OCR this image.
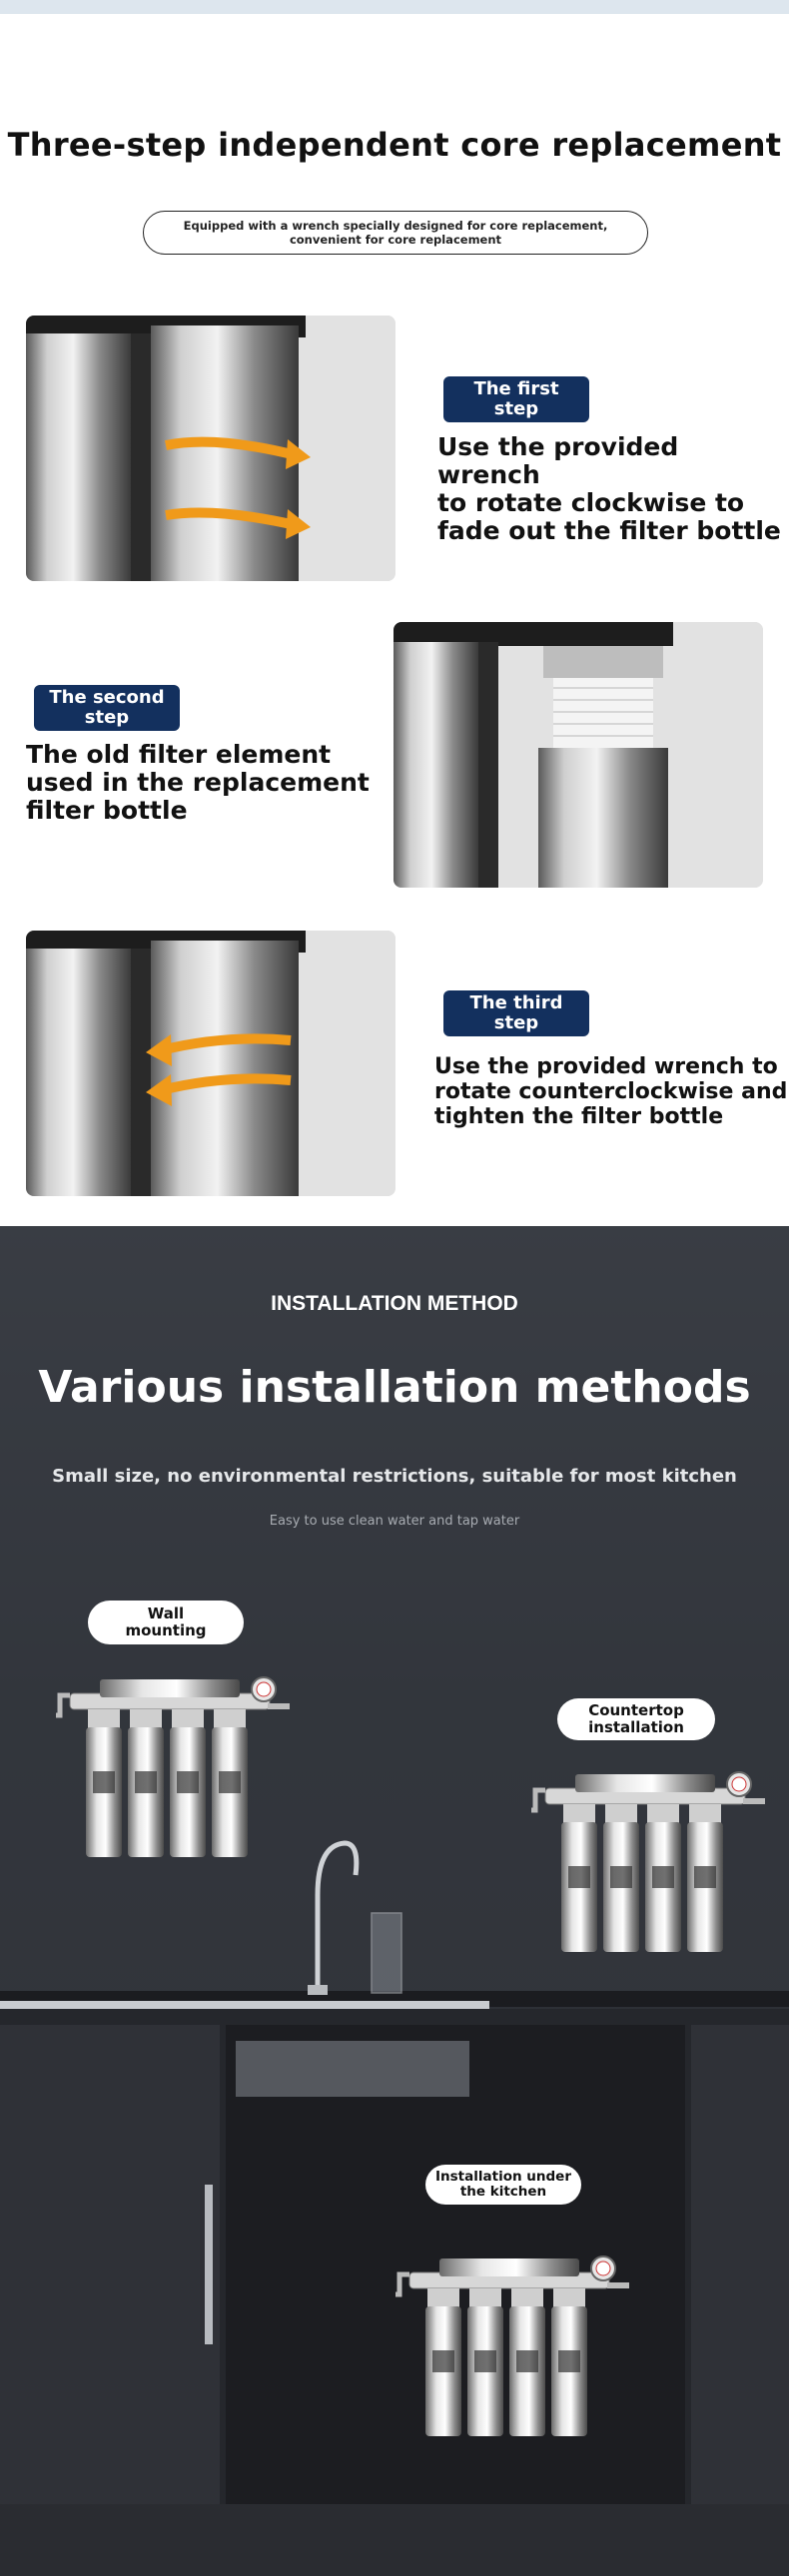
Three-step independent core replacement
Equipped with a wrench specially designed for core replacement,
convenient for core replacement
The first
step
Use the provided wrench
to rotate clockwise to
fade out the filter bottle
The second
step
The old filter element
used in the replacement
filter bottle
The third
step
Use the provided wrench to
rotate counterclockwise and
tighten the filter bottle
INSTALLATION METHOD
Various installation methods
Small size, no environmental restrictions, suitable for most kitchen
Easy to use clean water and tap water
Wall
mounting
Countertop
installation
Installation under
the kitchen
